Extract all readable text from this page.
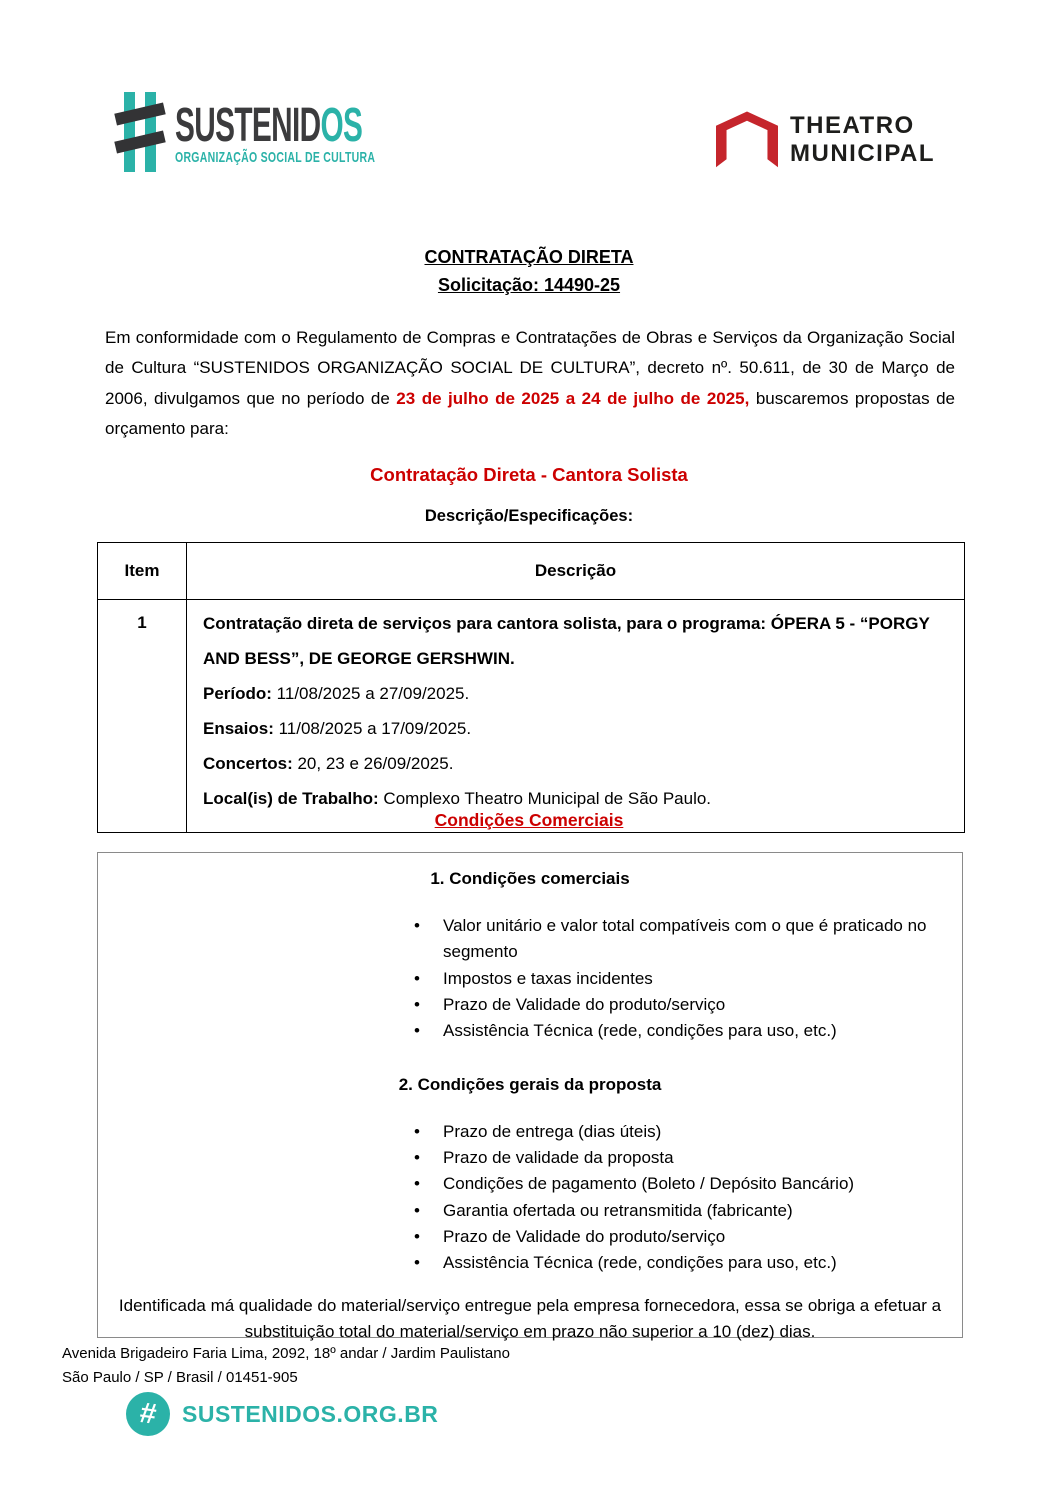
SUSTENIDOS
ORGANIZAÇÃO SOCIAL DE CULTURA
THEATRO
MUNICIPAL
CONTRATAÇÃO DIRETA
Solicitação: 14490-25

Em conformidade com o Regulamento de Compras e Contratações de Obras e Serviços da Organização Social de Cultura “SUSTENIDOS ORGANIZAÇÃO SOCIAL DE CULTURA”, decreto nº. 50.611, de 30 de Março de 2006, divulgamos que no período de 23 de julho de 2025 a 24 de julho de 2025, buscaremos propostas de orçamento para:

Contratação Direta - Cantora Solista
Descrição/Especificações:
Item	Descrição
1	Contratação direta de serviços para cantora solista, para o programa: ÓPERA 5 - “PORGY AND BESS”, DE GEORGE GERSHWIN.
Período: 11/08/2025 a 27/09/2025.
Ensaios: 11/08/2025 a 17/09/2025.
Concertos: 20, 23 e 26/09/2025.
Local(is) de Trabalho: Complexo Theatro Municipal de São Paulo.
Condições Comerciais
1. Condições comerciais
• Valor unitário e valor total compatíveis com o que é praticado no segmento
• Impostos e taxas incidentes
• Prazo de Validade do produto/serviço
• Assistência Técnica (rede, condições para uso, etc.)
2. Condições gerais da proposta
• Prazo de entrega (dias úteis)
• Prazo de validade da proposta
• Condições de pagamento (Boleto / Depósito Bancário)
• Garantia ofertada ou retransmitida (fabricante)
• Prazo de Validade do produto/serviço
• Assistência Técnica (rede, condições para uso, etc.)
Identificada má qualidade do material/serviço entregue pela empresa fornecedora, essa se obriga a efetuar a substituição total do material/serviço em prazo não superior a 10 (dez) dias.
Avenida Brigadeiro Faria Lima, 2092, 18º andar / Jardim Paulistano
São Paulo / SP / Brasil / 01451-905
#	SUSTENIDOS.ORG.BR
